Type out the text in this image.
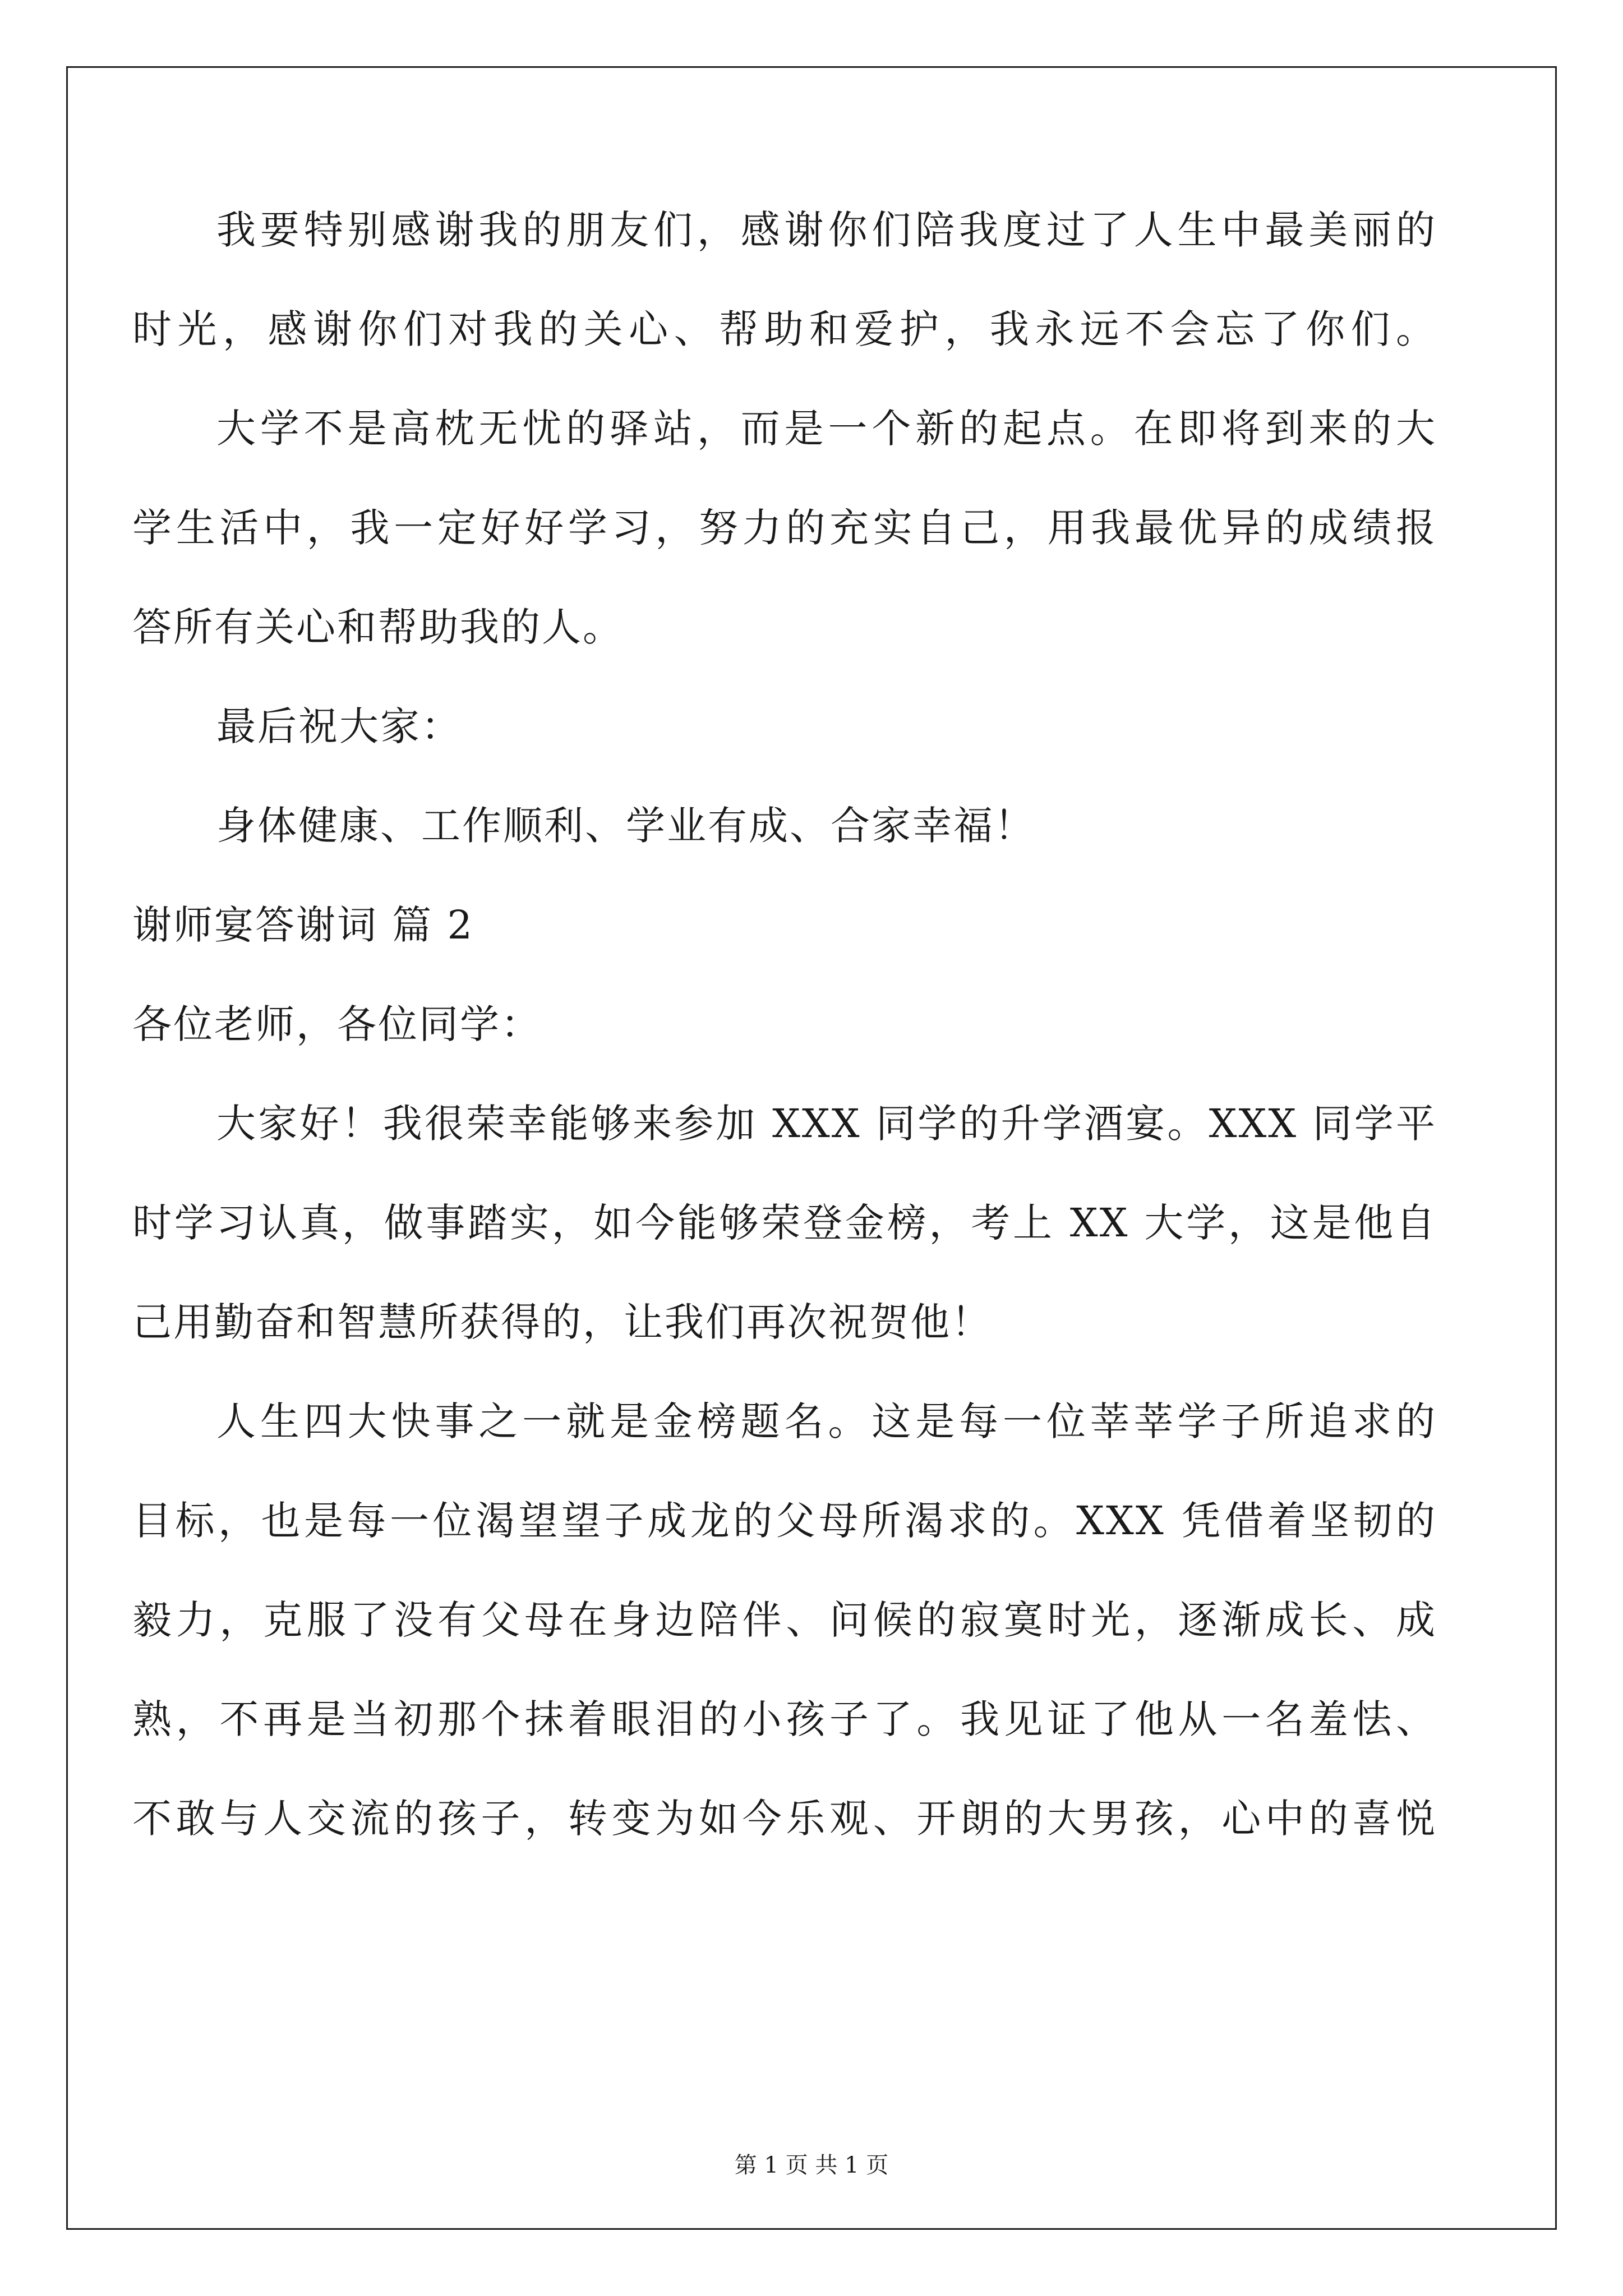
我要特别感谢我的朋友们，感谢你们陪我度过了人生中最美丽的
时光，感谢你们对我的关心、帮助和爱护，我永远不会忘了你们。
大学不是高枕无忧的驿站，而是一个新的起点。在即将到来的大
学生活中，我一定好好学习，努力的充实自己，用我最优异的成绩报
答所有关心和帮助我的人。
最后祝大家：
身体健康、工作顺利、学业有成、合家幸福！
谢师宴答谢词 篇 2
各位老师，各位同学：
大家好！我很荣幸能够来参加 XXX 同学的升学酒宴。XXX 同学平
时学习认真，做事踏实，如今能够荣登金榜，考上 XX 大学，这是他自
己用勤奋和智慧所获得的，让我们再次祝贺他！
人生四大快事之一就是金榜题名。这是每一位莘莘学子所追求的
目标，也是每一位渴望望子成龙的父母所渴求的。XXX 凭借着坚韧的
毅力，克服了没有父母在身边陪伴、问候的寂寞时光，逐渐成长、成
熟，不再是当初那个抹着眼泪的小孩子了。我见证了他从一名羞怯、
不敢与人交流的孩子，转变为如今乐观、开朗的大男孩，心中的喜悦
第 1 页 共 1 页
